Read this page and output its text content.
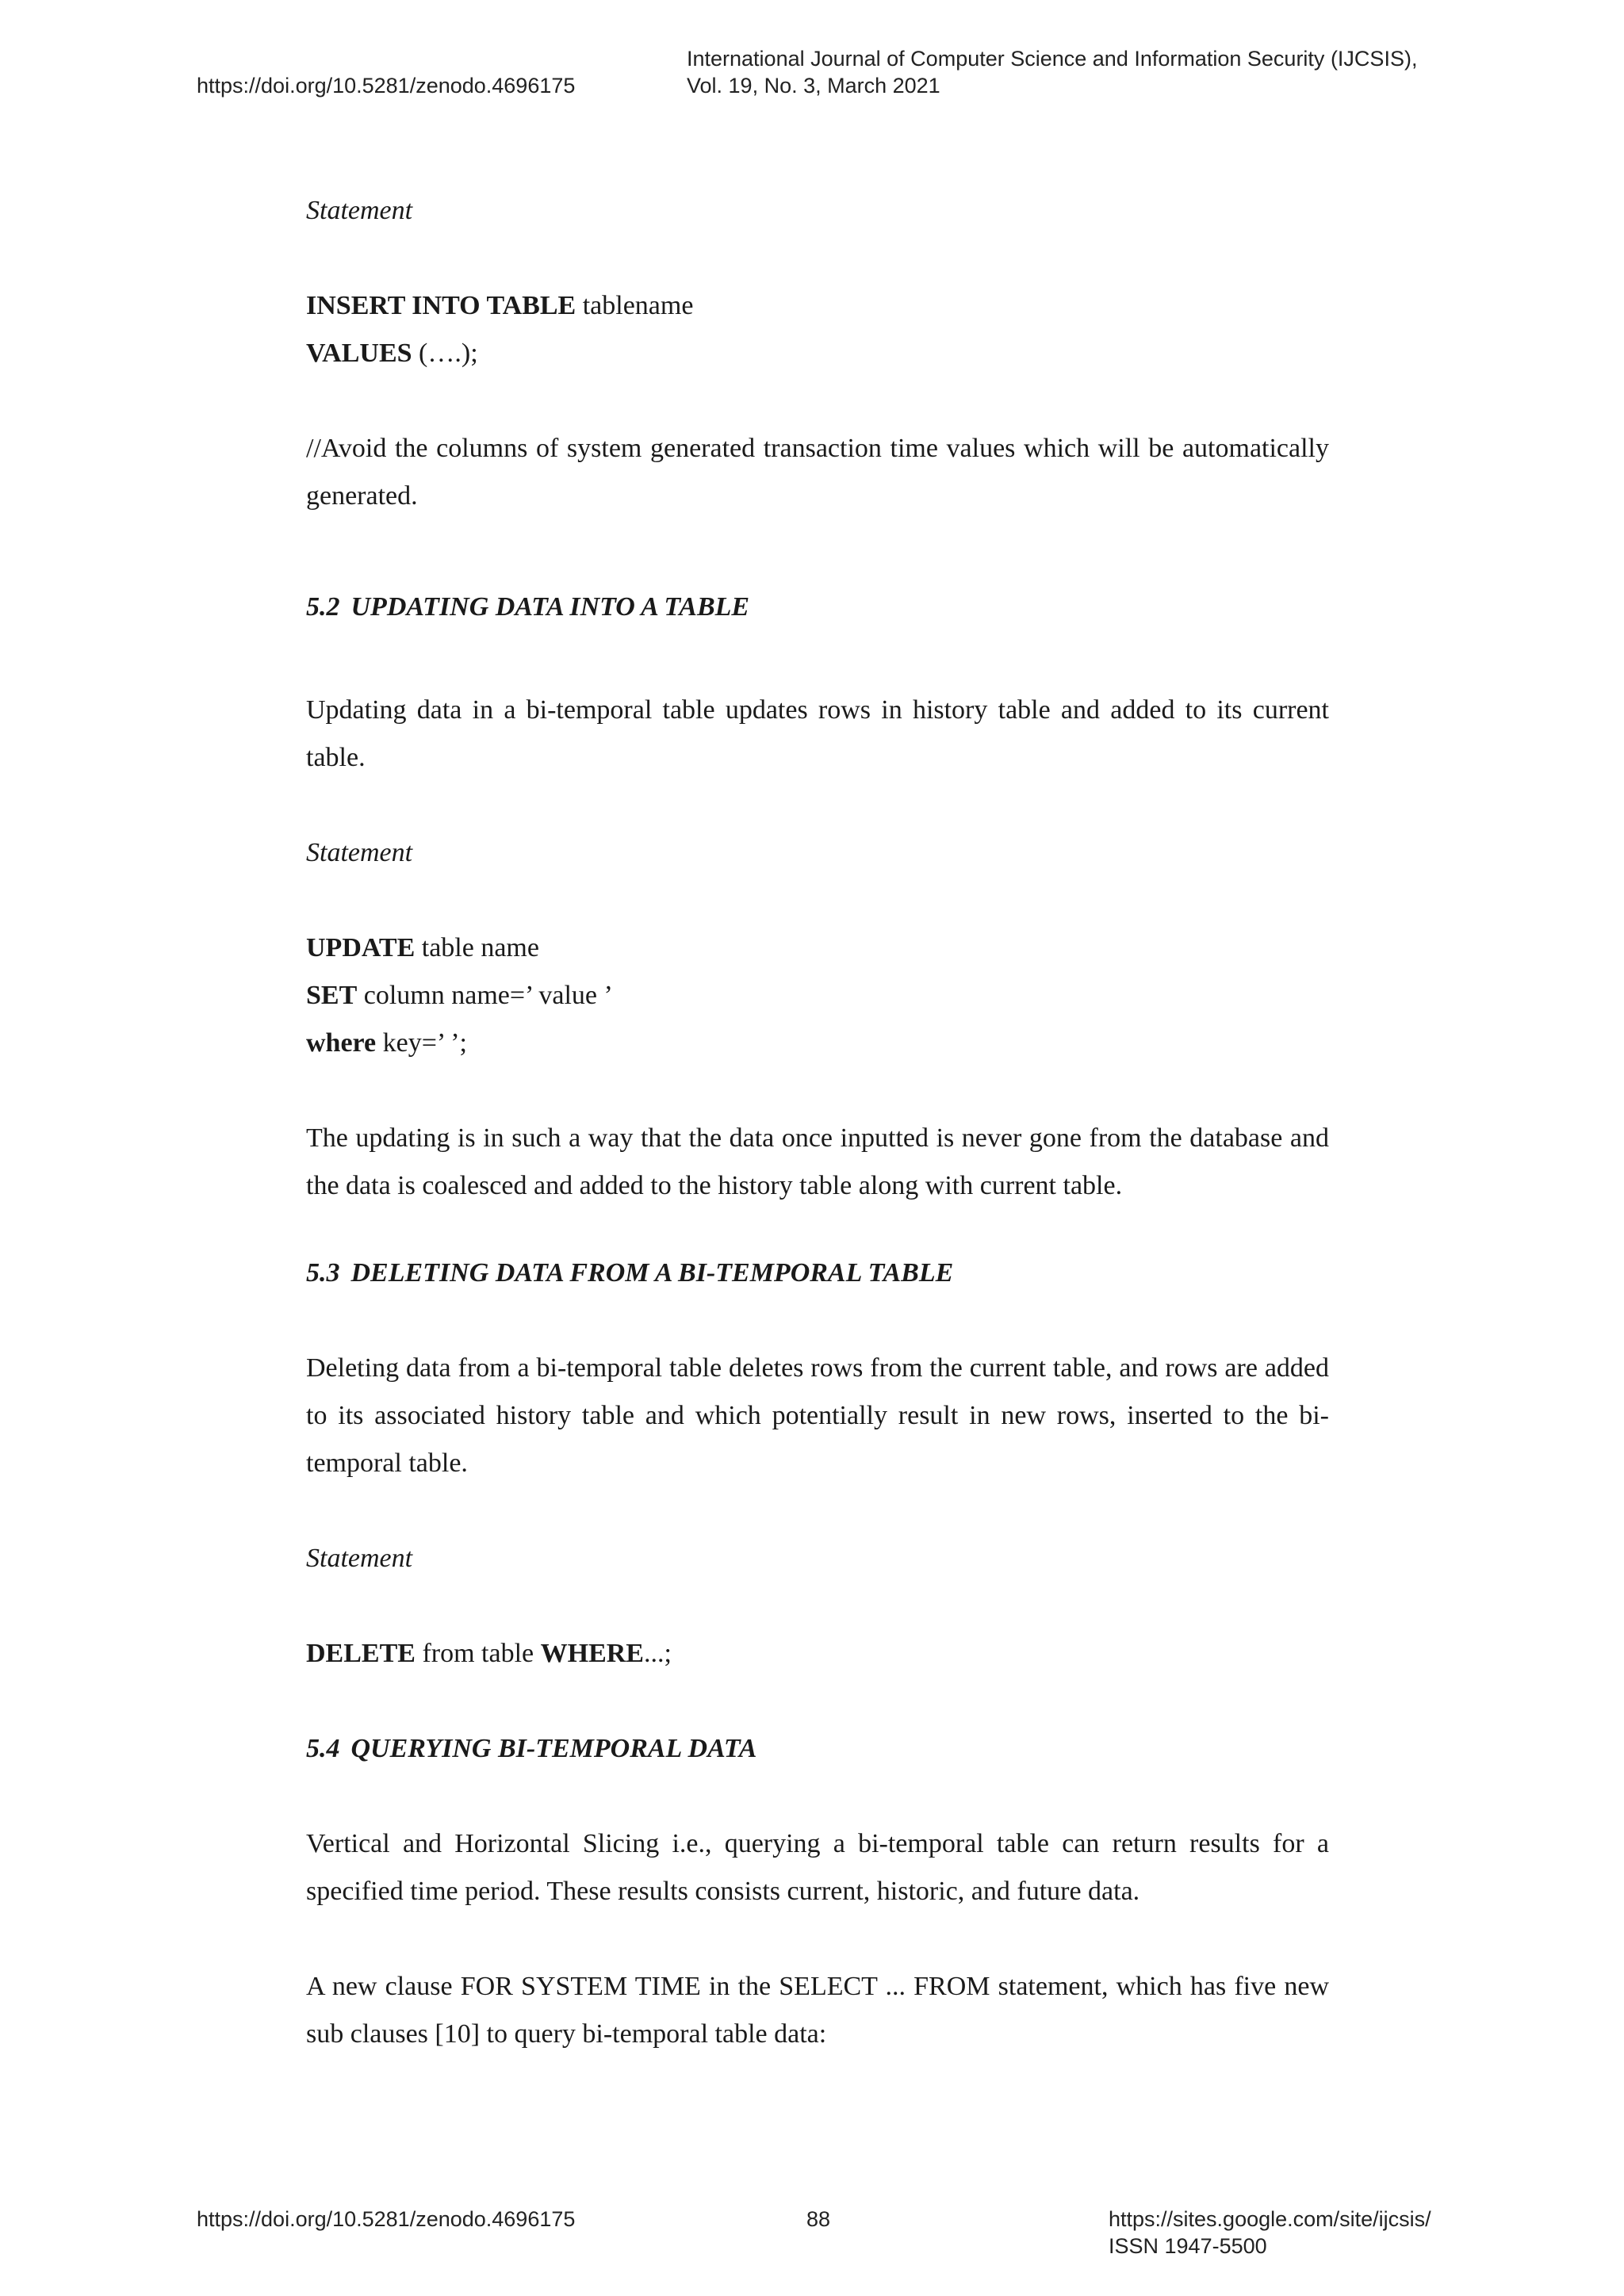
https://doi.org/10.5281/zenodo.4696175
International Journal of Computer Science and Information Security (IJCSIS),
Vol. 19, No. 3, March 2021
Statement
INSERT INTO TABLE tablename
VALUES (….);
//Avoid the columns of system generated transaction time values which will be automatically generated.
5.2 UPDATING DATA INTO A TABLE
Updating data in a bi-temporal table updates rows in history table and added to its current table.
Statement
UPDATE table name
SET column name=’ value ’
where key=’ ’;
The updating is in such a way that the data once inputted is never gone from the database and the data is coalesced and added to the history table along with current table.
5.3 DELETING DATA FROM A BI-TEMPORAL TABLE
Deleting data from a bi-temporal table deletes rows from the current table, and rows are added to its associated history table and which potentially result in new rows, inserted to the bi-temporal table.
Statement
DELETE from table WHERE...;
5.4 QUERYING BI-TEMPORAL DATA
Vertical and Horizontal Slicing i.e., querying a bi-temporal table can return results for a specified time period. These results consists current, historic, and future data.
A new clause FOR SYSTEM TIME in the SELECT ... FROM statement, which has five new sub clauses [10] to query bi-temporal table data:
https://doi.org/10.5281/zenodo.4696175	88	https://sites.google.com/site/ijcsis/
ISSN 1947-5500
